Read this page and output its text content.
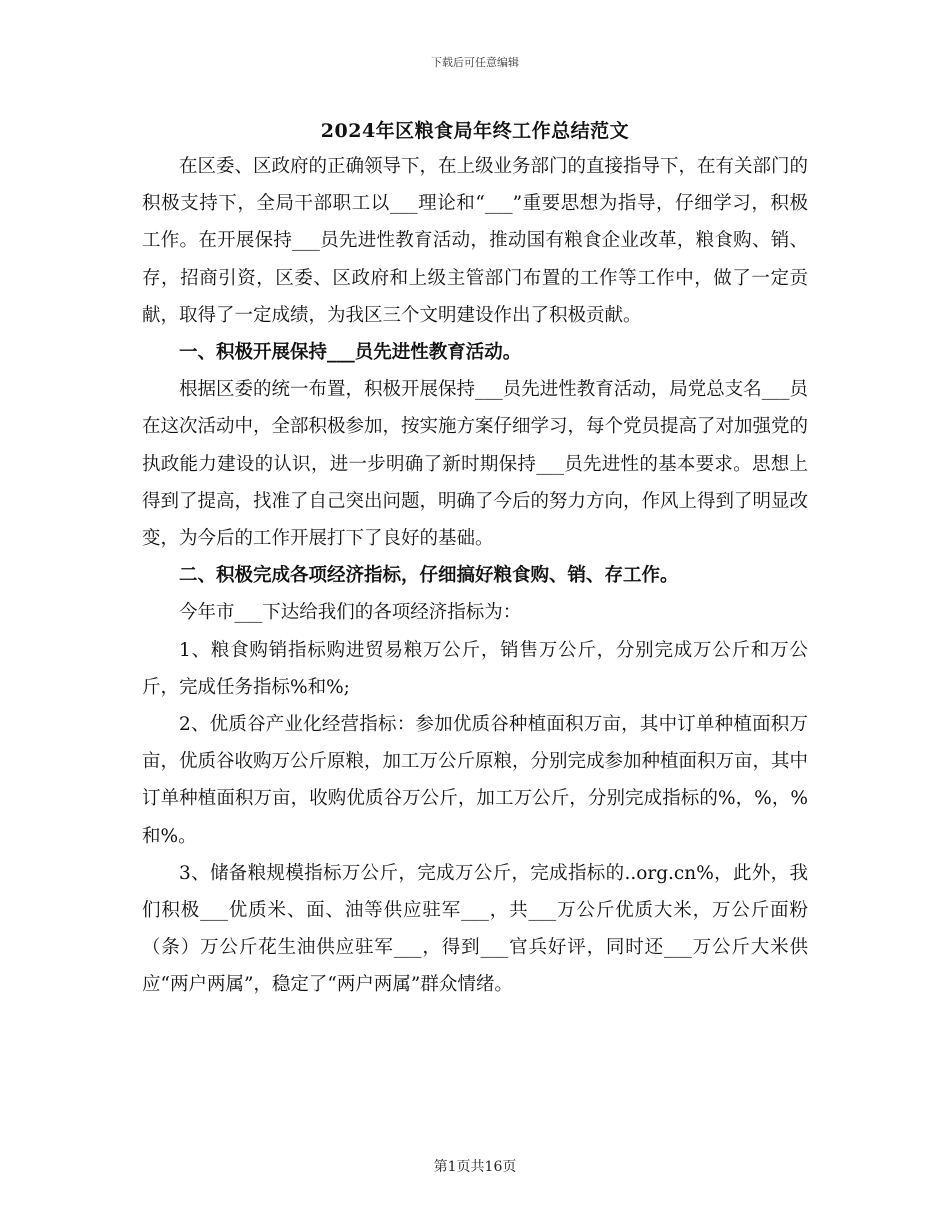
下载后可任意编辑
2024年区粮食局年终工作总结范文

在区委、区政府的正确领导下，在上级业务部门的直接指导下，在有关部门的积极支持下，全局干部职工以___理论和“___”重要思想为指导，仔细学习，积极工作。在开展保持___员先进性教育活动，推动国有粮食企业改革，粮食购、销、存，招商引资，区委、区政府和上级主管部门布置的工作等工作中，做了一定贡献，取得了一定成绩，为我区三个文明建设作出了积极贡献。

一、积极开展保持___员先进性教育活动。

根据区委的统一布置，积极开展保持___员先进性教育活动，局党总支名___员在这次活动中，全部积极参加，按实施方案仔细学习，每个党员提高了对加强党的执政能力建设的认识，进一步明确了新时期保持___员先进性的基本要求。思想上得到了提高，找准了自己突出问题，明确了今后的努力方向，作风上得到了明显改变，为今后的工作开展打下了良好的基础。

二、积极完成各项经济指标，仔细搞好粮食购、销、存工作。

今年市___下达给我们的各项经济指标为：

1、粮食购销指标购进贸易粮万公斤，销售万公斤，分别完成万公斤和万公斤，完成任务指标%和%;

2、优质谷产业化经营指标：参加优质谷种植面积万亩，其中订单种植面积万亩，优质谷收购万公斤原粮，加工万公斤原粮，分别完成参加种植面积万亩，其中订单种植面积万亩，收购优质谷万公斤，加工万公斤，分别完成指标的%，%，%和%。

3、储备粮规模指标万公斤，完成万公斤，完成指标的..org.cn%，此外，我们积极___优质米、面、油等供应驻军___，共___万公斤优质大米，万公斤面粉（条）万公斤花生油供应驻军___，得到___官兵好评，同时还___万公斤大米供应“两户两属”，稳定了“两户两属”群众情绪。

第1页共16页
